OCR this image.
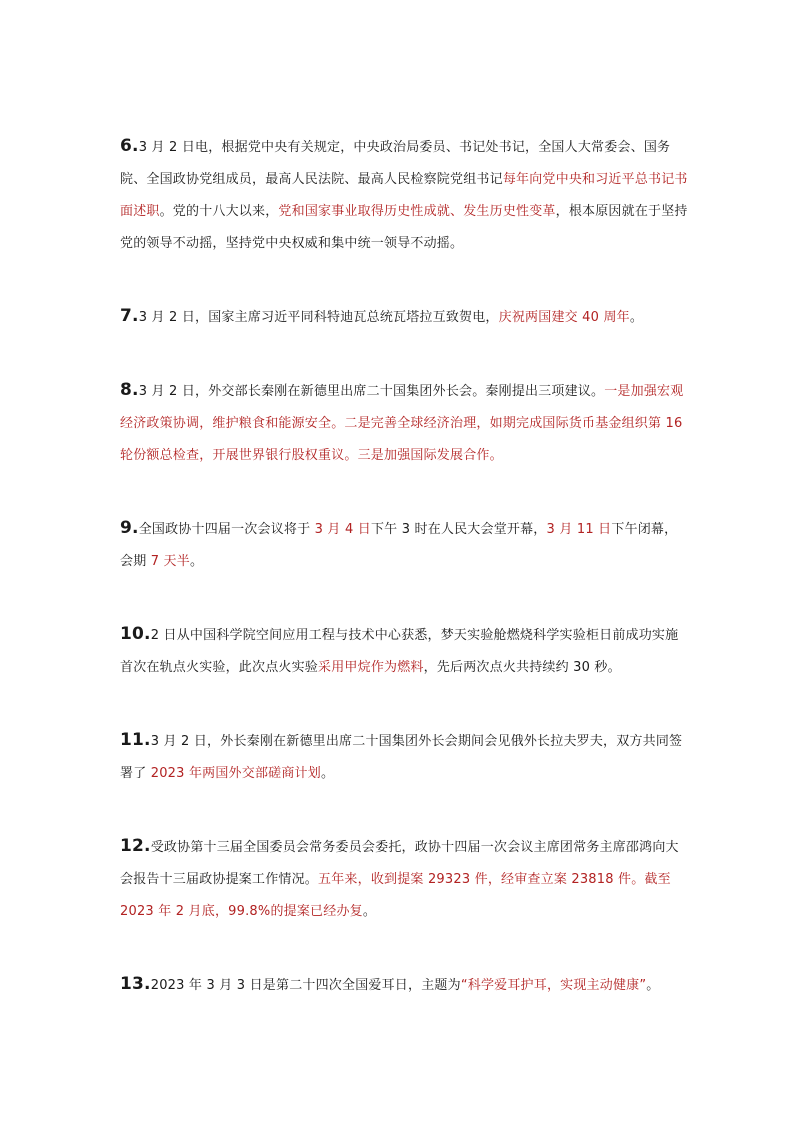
6.3 月 2 日电，根据党中央有关规定，中央政治局委员、书记处书记，全国人大常委会、国务院、全国政协党组成员，最高人民法院、最高人民检察院党组书记每年向党中央和习近平总书记书面述职。党的十八大以来，党和国家事业取得历史性成就、发生历史性变革，根本原因就在于坚持党的领导不动摇，坚持党中央权威和集中统一领导不动摇。

7.3 月 2 日，国家主席习近平同科特迪瓦总统瓦塔拉互致贺电，庆祝两国建交 40 周年。

8.3 月 2 日，外交部长秦刚在新德里出席二十国集团外长会。秦刚提出三项建议。一是加强宏观经济政策协调，维护粮食和能源安全。二是完善全球经济治理，如期完成国际货币基金组织第 16 轮份额总检查，开展世界银行股权重议。三是加强国际发展合作。

9.全国政协十四届一次会议将于 3 月 4 日下午 3 时在人民大会堂开幕，3 月 11 日下午闭幕，会期 7 天半。

10.2 日从中国科学院空间应用工程与技术中心获悉，梦天实验舱燃烧科学实验柜日前成功实施首次在轨点火实验，此次点火实验采用甲烷作为燃料，先后两次点火共持续约 30 秒。

11.3 月 2 日，外长秦刚在新德里出席二十国集团外长会期间会见俄外长拉夫罗夫，双方共同签署了 2023 年两国外交部磋商计划。

12.受政协第十三届全国委员会常务委员会委托，政协十四届一次会议主席团常务主席邵鸿向大会报告十三届政协提案工作情况。五年来，收到提案 29323 件，经审查立案 23818 件。截至 2023 年 2 月底，99.8%的提案已经办复。

13.2023 年 3 月 3 日是第二十四次全国爱耳日，主题为“科学爱耳护耳，实现主动健康”。
